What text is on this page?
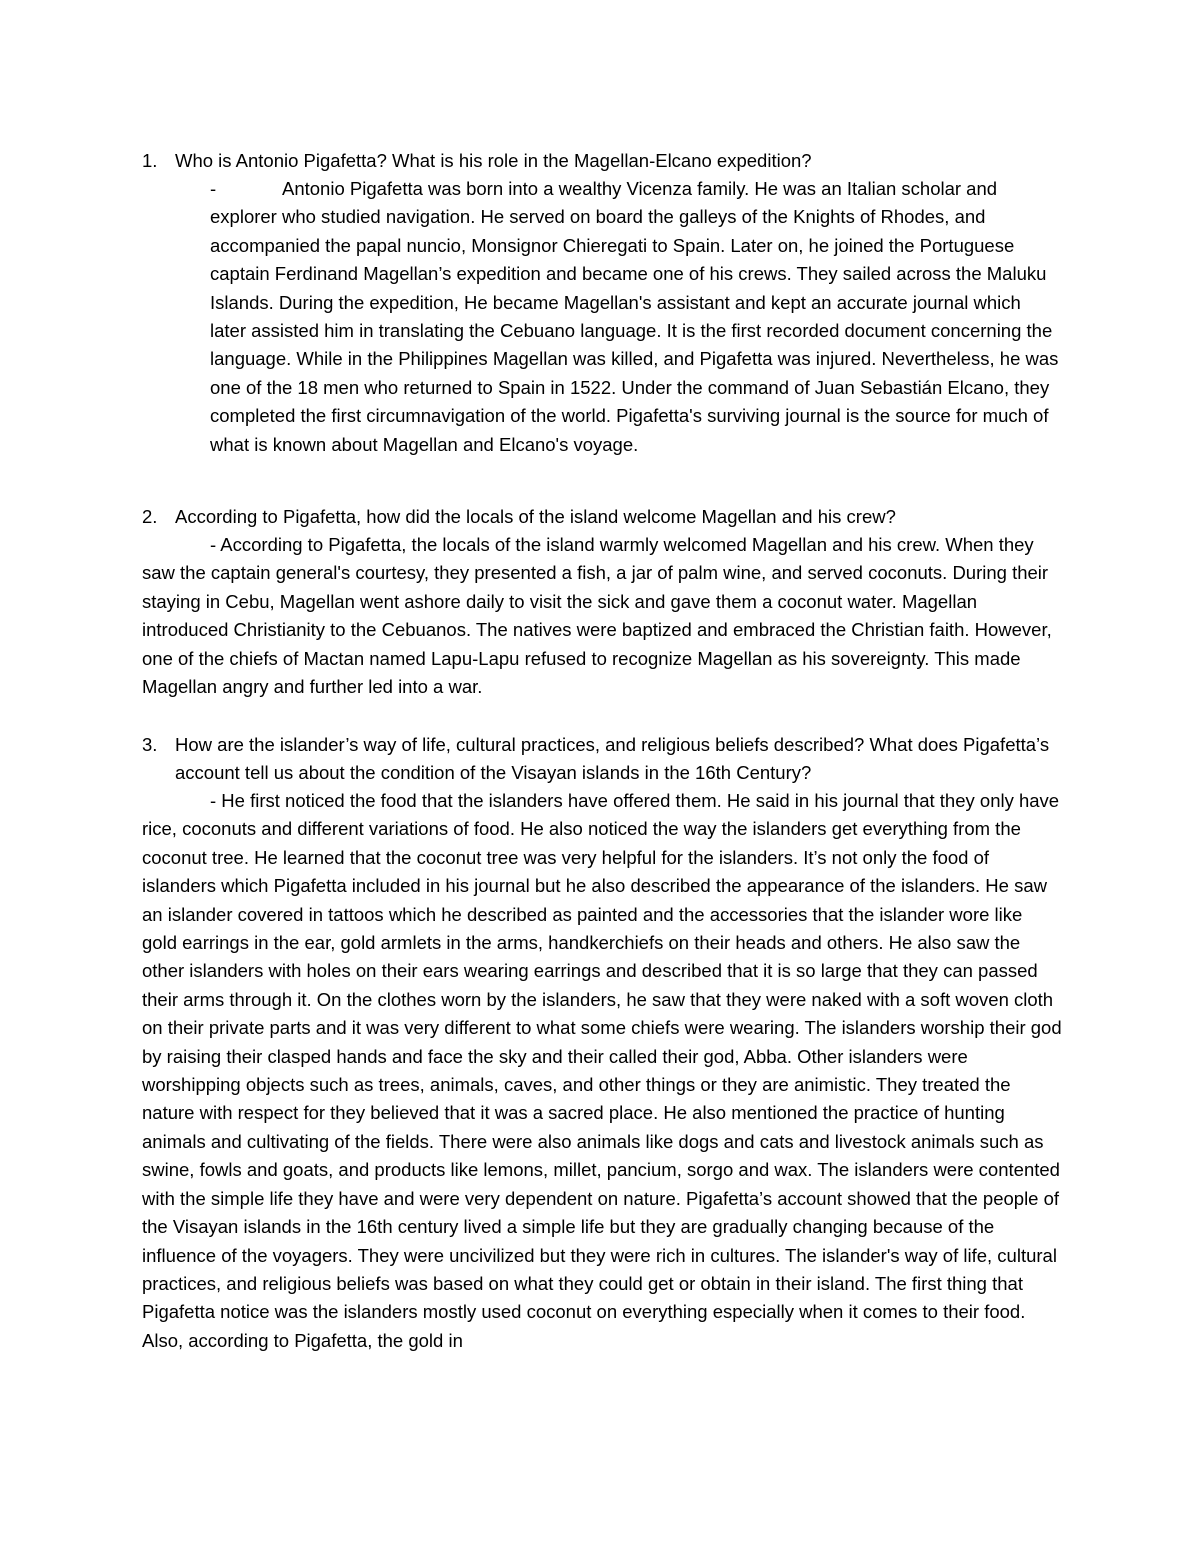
1. Who is Antonio Pigafetta? What is his role in the Magellan-Elcano expedition?

-	Antonio Pigafetta was born into a wealthy Vicenza family. He was an Italian scholar and explorer who studied navigation. He served on board the galleys of the Knights of Rhodes, and accompanied the papal nuncio, Monsignor Chieregati to Spain. Later on, he joined the Portuguese captain Ferdinand Magellan’s expedition and became one of his crews. They sailed across the Maluku Islands. During the expedition, He became Magellan's assistant and kept an accurate journal which later assisted him in translating the Cebuano language. It is the first recorded document concerning the language. While in the Philippines Magellan was killed, and Pigafetta was injured. Nevertheless, he was one of the 18 men who returned to Spain in 1522. Under the command of Juan Sebastián Elcano, they completed the first circumnavigation of the world. Pigafetta's surviving journal is the source for much of what is known about Magellan and Elcano's voyage.

2. According to Pigafetta, how did the locals of the island welcome Magellan and his crew?

- According to Pigafetta, the locals of the island warmly welcomed Magellan and his crew. When they saw the captain general's courtesy, they presented a fish, a jar of palm wine, and served coconuts. During their staying in Cebu, Magellan went ashore daily to visit the sick and gave them a coconut water. Magellan introduced Christianity to the Cebuanos. The natives were baptized and embraced the Christian faith. However, one of the chiefs of Mactan named Lapu-Lapu refused to recognize Magellan as his sovereignty. This made Magellan angry and further led into a war.

3. How are the islander’s way of life, cultural practices, and religious beliefs described? What does Pigafetta’s account tell us about the condition of the Visayan islands in the 16th Century?

- He first noticed the food that the islanders have offered them. He said in his journal that they only have rice, coconuts and different variations of food. He also noticed the way the islanders get everything from the coconut tree. He learned that the coconut tree was very helpful for the islanders. It’s not only the food of islanders which Pigafetta included in his journal but he also described the appearance of the islanders. He saw an islander covered in tattoos which he described as painted and the accessories that the islander wore like gold earrings in the ear, gold armlets in the arms, handkerchiefs on their heads and others. He also saw the other islanders with holes on their ears wearing earrings and described that it is so large that they can passed their arms through it. On the clothes worn by the islanders, he saw that they were naked with a soft woven cloth on their private parts and it was very different to what some chiefs were wearing. The islanders worship their god by raising their clasped hands and face the sky and their called their god, Abba. Other islanders were worshipping objects such as trees, animals, caves, and other things or they are animistic. They treated the nature with respect for they believed that it was a sacred place. He also mentioned the practice of hunting animals and cultivating of the fields. There were also animals like dogs and cats and livestock animals such as swine, fowls and goats, and products like lemons, millet, pancium, sorgo and wax. The islanders were contented with the simple life they have and were very dependent on nature. Pigafetta’s account showed that the people of the Visayan islands in the 16th century lived a simple life but they are gradually changing because of the influence of the voyagers. They were uncivilized but they were rich in cultures. The islander's way of life, cultural practices, and religious beliefs was based on what they could get or obtain in their island. The first thing that Pigafetta notice was the islanders mostly used coconut on everything especially when it comes to their food. Also, according to Pigafetta, the gold in
